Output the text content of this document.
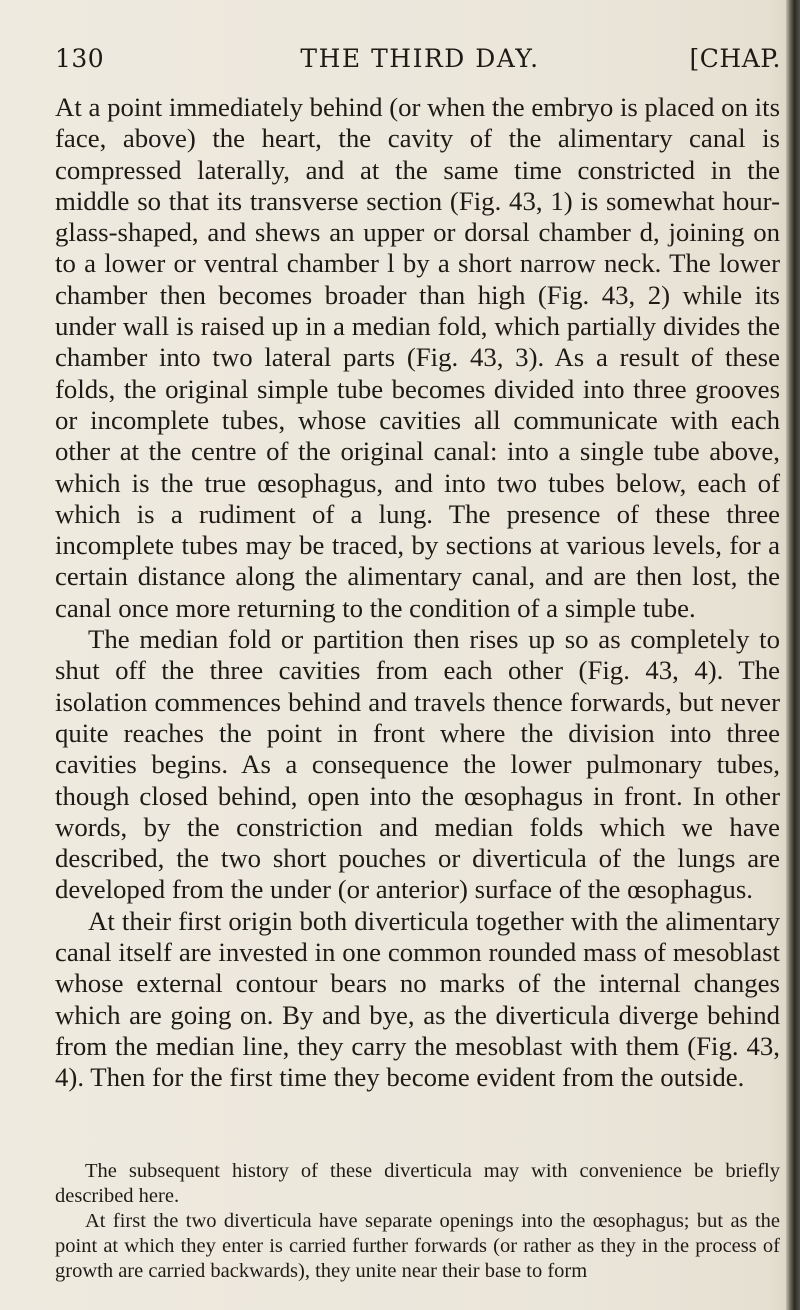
130	THE THIRD DAY.	[CHAP.

At a point immediately behind (or when the embryo is placed on its face, above) the heart, the cavity of the alimentary canal is compressed laterally, and at the same time constricted in the middle so that its transverse section (Fig. 43, 1) is somewhat hour-glass-shaped, and shews an upper or dorsal chamber d, joining on to a lower or ventral chamber l by a short narrow neck. The lower chamber then becomes broader than high (Fig. 43, 2) while its under wall is raised up in a median fold, which partially divides the chamber into two lateral parts (Fig. 43, 3). As a result of these folds, the original simple tube becomes divided into three grooves or incomplete tubes, whose cavities all communicate with each other at the centre of the original canal: into a single tube above, which is the true œsophagus, and into two tubes below, each of which is a rudiment of a lung. The presence of these three incomplete tubes may be traced, by sections at various levels, for a certain distance along the alimentary canal, and are then lost, the canal once more returning to the condition of a simple tube.

The median fold or partition then rises up so as completely to shut off the three cavities from each other (Fig. 43, 4). The isolation commences behind and travels thence forwards, but never quite reaches the point in front where the division into three cavities begins. As a consequence the lower pulmonary tubes, though closed behind, open into the œsophagus in front. In other words, by the constriction and median folds which we have described, the two short pouches or diverticula of the lungs are developed from the under (or anterior) surface of the œsophagus.

At their first origin both diverticula together with the alimentary canal itself are invested in one common rounded mass of mesoblast whose external contour bears no marks of the internal changes which are going on. By and bye, as the diverticula diverge behind from the median line, they carry the mesoblast with them (Fig. 43, 4). Then for the first time they become evident from the outside.

The subsequent history of these diverticula may with convenience be briefly described here.

At first the two diverticula have separate openings into the œsophagus; but as the point at which they enter is carried further forwards (or rather as they in the process of growth are carried backwards), they unite near their base to form
